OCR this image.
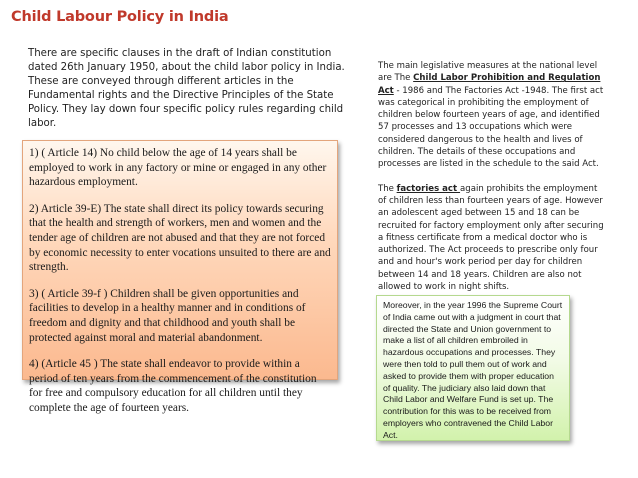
Child Labour Policy in India
There are specific clauses in the draft of Indian constitution dated 26th January 1950, about the child labor policy in India. These are conveyed through different articles in the Fundamental rights and the Directive Principles of the State Policy. They lay down four specific policy rules regarding child labor.

1) ( Article 14) No child below the age of 14 years shall be employed to work in any factory or mine or engaged in any other hazardous employment.

2) Article 39-E) The state shall direct its policy towards securing that the health and strength of workers, men and women and the tender age of children are not abused and that they are not forced by economic necessity to enter vocations unsuited to there are and strength.

3) ( Article 39-f ) Children shall be given opportunities and facilities to develop in a healthy manner and in conditions of freedom and dignity and that childhood and youth shall be protected against moral and material abandonment.

4) (Article 45 ) The state shall endeavor to provide within a period of ten years from the commencement of the constitution for free and compulsory education for all children until they complete the age of fourteen years.

The main legislative measures at the national level are The Child Labor Prohibition and Regulation Act - 1986 and The Factories Act -1948. The first act was categorical in prohibiting the employment of children below fourteen years of age, and identified 57 processes and 13 occupations which were considered dangerous to the health and lives of children. The details of these occupations and processes are listed in the schedule to the said Act.

The factories act again prohibits the employment of children less than fourteen years of age. However an adolescent aged between 15 and 18 can be recruited for factory employment only after securing a fitness certificate from a medical doctor who is authorized. The Act proceeds to prescribe only four and and hour's work period per day for children between 14 and 18 years. Children are also not allowed to work in night shifts.

Moreover, in the year 1996 the Supreme Court of India came out with a judgment in court that directed the State and Union government to make a list of all children embroiled in hazardous occupations and processes. They were then told to pull them out of work and asked to provide them with proper education of quality. The judiciary also laid down that Child Labor and Welfare Fund is set up. The contribution for this was to be received from employers who contravened the Child Labor Act.
